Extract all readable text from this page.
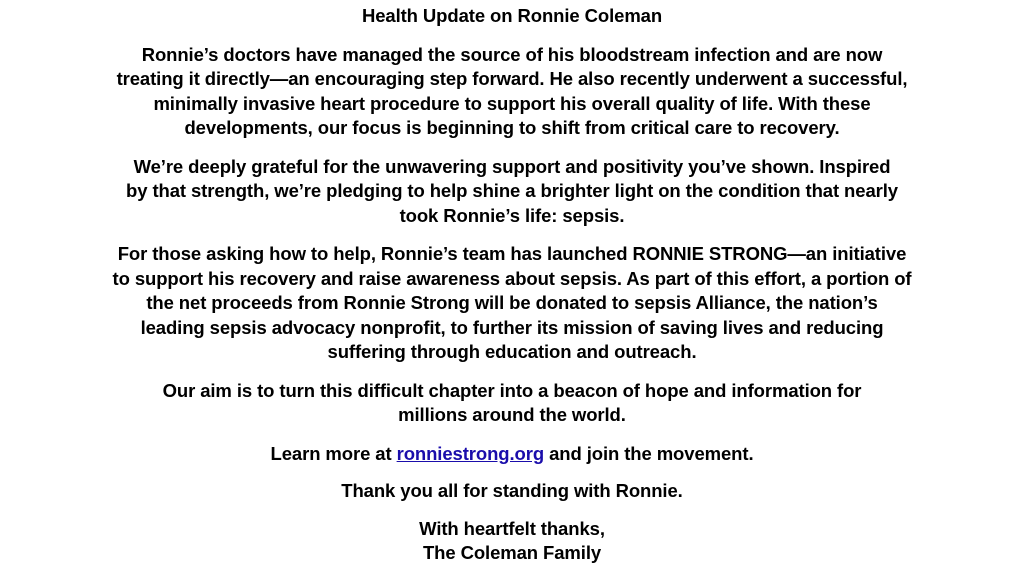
Health Update on Ronnie Coleman

Ronnie’s doctors have managed the source of his bloodstream infection and are now treating it directly—an encouraging step forward. He also recently underwent a successful, minimally invasive heart procedure to support his overall quality of life. With these developments, our focus is beginning to shift from critical care to recovery.

We’re deeply grateful for the unwavering support and positivity you’ve shown. Inspired by that strength, we’re pledging to help shine a brighter light on the condition that nearly took Ronnie’s life: sepsis.

For those asking how to help, Ronnie’s team has launched RONNIE STRONG—an initiative to support his recovery and raise awareness about sepsis. As part of this effort, a portion of the net proceeds from Ronnie Strong will be donated to sepsis Alliance, the nation’s leading sepsis advocacy nonprofit, to further its mission of saving lives and reducing suffering through education and outreach.

Our aim is to turn this difficult chapter into a beacon of hope and information for millions around the world.

Learn more at ronniestrong.org and join the movement.

Thank you all for standing with Ronnie.

With heartfelt thanks,

The Coleman Family
